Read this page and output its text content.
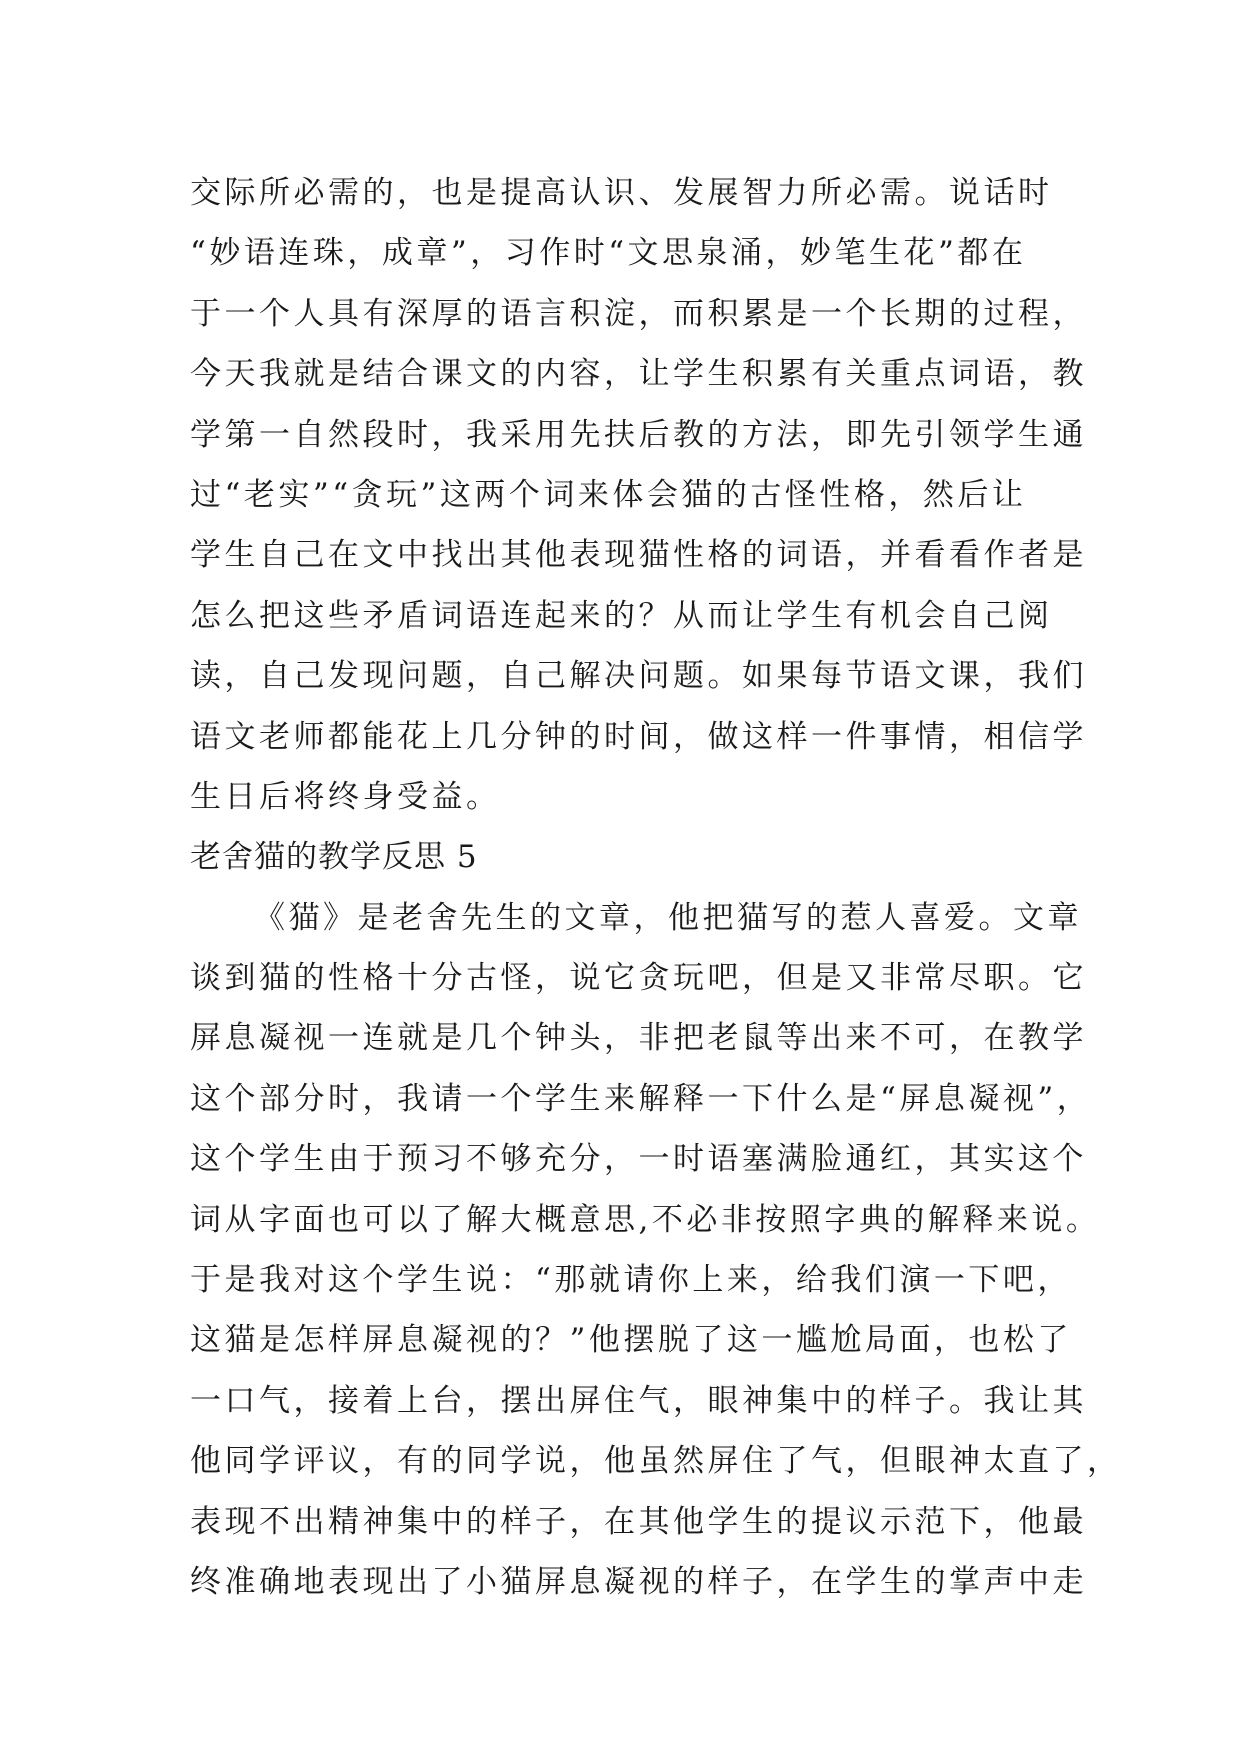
交际所必需的，也是提高认识、发展智力所必需。说话时
“妙语连珠，成章”，习作时“文思泉涌，妙笔生花”都在
于一个人具有深厚的语言积淀，而积累是一个长期的过程，
今天我就是结合课文的内容，让学生积累有关重点词语，教
学第一自然段时，我采用先扶后教的方法，即先引领学生通
过“老实”“贪玩”这两个词来体会猫的古怪性格，然后让
学生自己在文中找出其他表现猫性格的词语，并看看作者是
怎么把这些矛盾词语连起来的？从而让学生有机会自己阅
读，自己发现问题，自己解决问题。如果每节语文课，我们
语文老师都能花上几分钟的时间，做这样一件事情，相信学
生日后将终身受益。
老舍猫的教学反思 5
《猫》是老舍先生的文章，他把猫写的惹人喜爱。文章
谈到猫的性格十分古怪，说它贪玩吧，但是又非常尽职。它
屏息凝视一连就是几个钟头，非把老鼠等出来不可，在教学
这个部分时，我请一个学生来解释一下什么是“屏息凝视”，
这个学生由于预习不够充分，一时语塞满脸通红，其实这个
词从字面也可以了解大概意思,不必非按照字典的解释来说。
于是我对这个学生说：“那就请你上来，给我们演一下吧，
这猫是怎样屏息凝视的？”他摆脱了这一尴尬局面，也松了
一口气，接着上台，摆出屏住气，眼神集中的样子。我让其
他同学评议，有的同学说，他虽然屏住了气，但眼神太直了，
表现不出精神集中的样子，在其他学生的提议示范下，他最
终准确地表现出了小猫屏息凝视的样子，在学生的掌声中走
